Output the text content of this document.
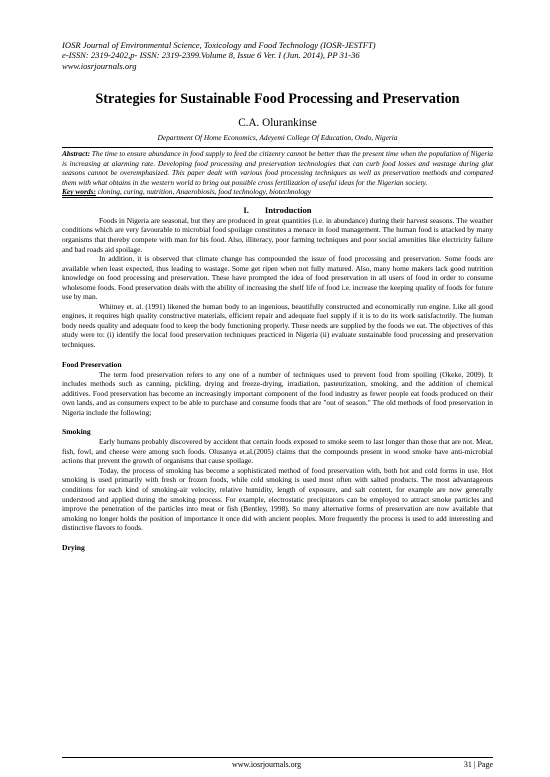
IOSR Journal of Environmental Science, Toxicology and Food Technology (IOSR-JESTFT)
e-ISSN: 2319-2402,p- ISSN: 2319-2399.Volume 8, Issue 6 Ver. I (Jun. 2014), PP 31-36
www.iosrjournals.org
Strategies for Sustainable Food Processing and Preservation
C.A. Olurankinse
Department Of Home Economics, Adeyemi College Of Education, Ondo, Nigeria
Abstract: The time to ensure abundance in food supply to feed the citizenry cannot be better than the present time when the population of Nigeria is increasing at alarming rate. Developing food processing and preservation technologies that can curb food losses and wastage during glut seasons cannot be overemphasized. This paper dealt with various food processing techniques as well as preservation methods and compared them with what obtains in the western world to bring out possible cross fertilization of useful ideas for the Nigerian society.
Key words: cloning, curing, nutrition, Anaerobiosis, food technology, biotechnology
I. Introduction

Foods in Nigeria are seasonal, but they are produced in great quantities (i.e. in abundance) during their harvest seasons. The weather conditions which are very favourable to microbial food spoilage constitutes a menace in food management. The human food is attacked by many organisms that thereby compete with man for his food. Also, illiteracy, poor farming techniques and poor social amenities like electricity failure and bad roads aid spoilage.

In addition, it is observed that climate change has compounded the issue of food processing and preservation. Some foods are available when least expected, thus leading to wastage. Some get ripen when not fully matured. Also, many home makers lack good nutrition knowledge on food processing and preservation. These have prompted the idea of food preservation in all users of food in order to consume wholesome foods. Food preservation deals with the ability of increasing the shelf life of food i.e. increase the keeping quality of foods for future use by man.

Whitney et. al. (1991) likened the human body to an ingenious, beautifully constructed and economically run engine. Like all good engines, it requires high quality constructive materials, efficient repair and adequate fuel supply if it is to do its work satisfactorily. The human body needs quality and adequate food to keep the body functioning properly. These needs are supplied by the foods we eat. The objectives of this study were to: (i) identify the local food preservation techniques practiced in Nigeria (ii) evaluate sustainable food processing and preservation techniques.

Food Preservation

The term food preservation refers to any one of a number of techniques used to prevent food from spoiling (Okeke, 2009). It includes methods such as canning, pickling, drying and freeze-drying, irradiation, pasteurization, smoking, and the addition of chemical additives. Food preservation has become an increasingly important component of the food industry as fewer people eat foods produced on their own lands, and as consumers expect to be able to purchase and consume foods that are "out of season." The old methods of food preservation in Nigeria include the following;

Smoking

Early humans probably discovered by accident that certain foods exposed to smoke seem to last longer than those that are not. Meat, fish, fowl, and cheese were among such foods. Olusanya et.al.(2005) claims that the compounds present in wood smoke have anti-microbial actions that prevent the growth of organisms that cause spoilage.

Today, the process of smoking has become a sophisticated method of food preservation with, both hot and cold forms in use. Hot smoking is used primarily with fresh or frozen foods, while cold smoking is used most often with salted products. The most advantageous conditions for each kind of smoking-air velocity, relative humidity, length of exposure, and salt content, for example are now generally understood and applied during the smoking process. For example, electrostatic precipitators can be employed to attract smoke particles and improve the penetration of the particles into meat or fish (Bentley, 1998). So many alternative forms of preservation are now available that smoking no longer holds the position of importance it once did with ancient peoples. More frequently the process is used to add interesting and distinctive flavors to foods.

Drying
www.iosrjournals.org	31 | Page
